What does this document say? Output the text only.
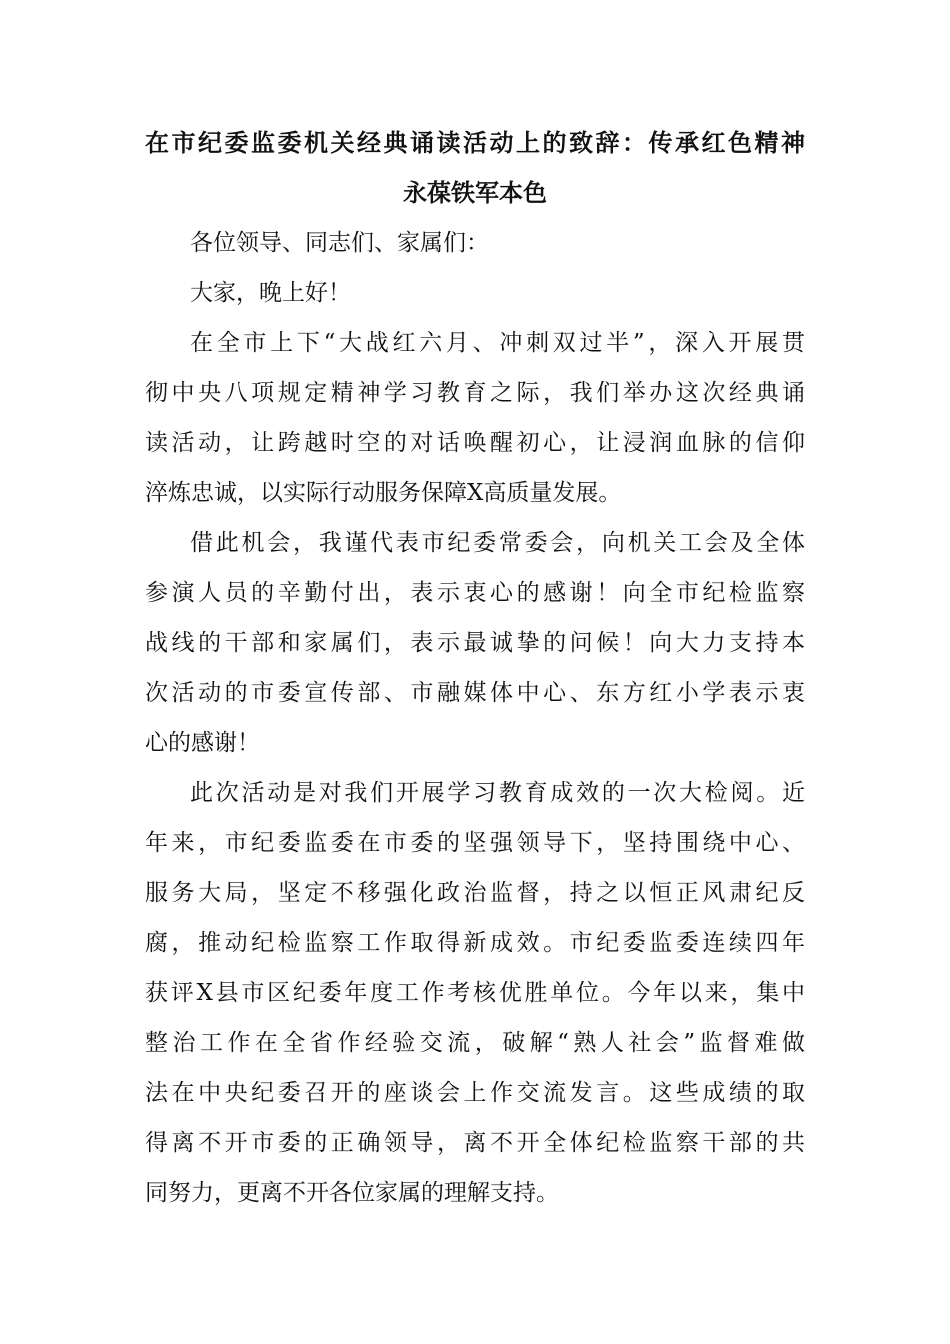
在市纪委监委机关经典诵读活动上的致辞：传承红色精神
永葆铁军本色
各位领导、同志们、家属们：
大家，晚上好！
在全市上下“大战红六月、冲刺双过半”，深入开展贯
彻中央八项规定精神学习教育之际，我们举办这次经典诵
读活动，让跨越时空的对话唤醒初心，让浸润血脉的信仰
淬炼忠诚，以实际行动服务保障X高质量发展。
借此机会，我谨代表市纪委常委会，向机关工会及全体
参演人员的辛勤付出，表示衷心的感谢！向全市纪检监察
战线的干部和家属们，表示最诚挚的问候！向大力支持本
次活动的市委宣传部、市融媒体中心、东方红小学表示衷
心的感谢！
此次活动是对我们开展学习教育成效的一次大检阅。近
年来，市纪委监委在市委的坚强领导下，坚持围绕中心、
服务大局，坚定不移强化政治监督，持之以恒正风肃纪反
腐，推动纪检监察工作取得新成效。市纪委监委连续四年
获评X县市区纪委年度工作考核优胜单位。今年以来，集中
整治工作在全省作经验交流，破解“熟人社会”监督难做
法在中央纪委召开的座谈会上作交流发言。这些成绩的取
得离不开市委的正确领导，离不开全体纪检监察干部的共
同努力，更离不开各位家属的理解支持。
